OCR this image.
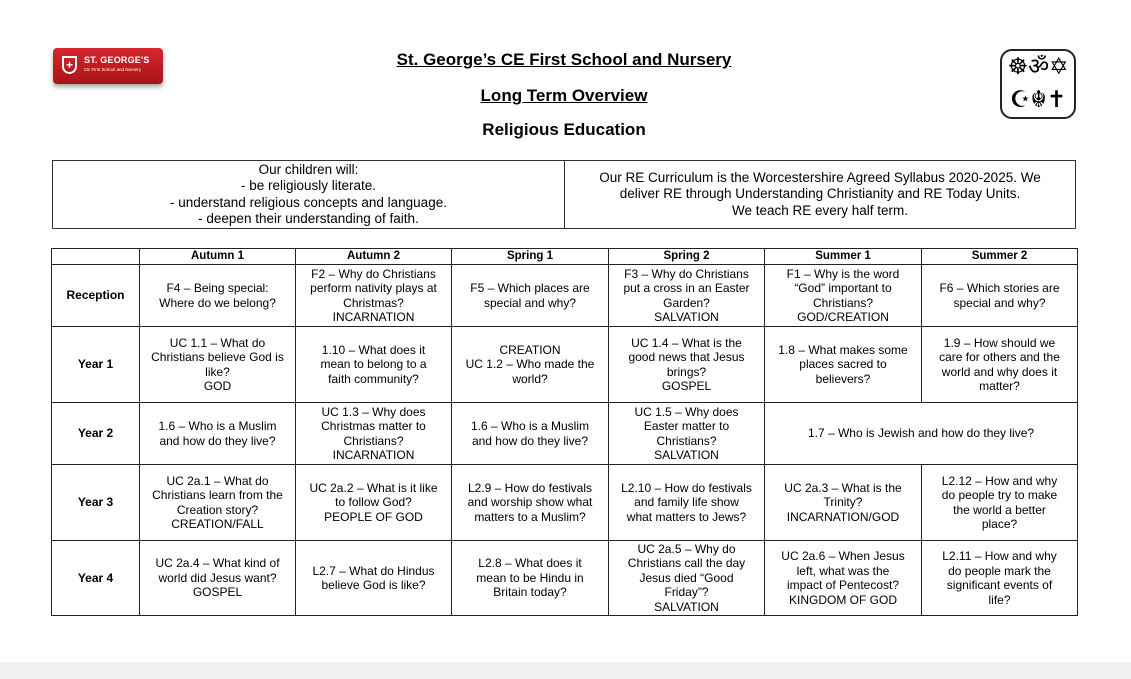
+	ST. GEORGE'S
CE First School and Nursery
St. George’s CE First School and Nursery
Long Term Overview
Religious Education
☸ॐ✡
☪☬✝
Our children will:
- be religiously literate.
- understand religious concepts and language.
- deepen their understanding of faith.
Our RE Curriculum is the Worcestershire Agreed Syllabus 2020-2025. We
deliver RE through Understanding Christianity and RE Today Units.
We teach RE every half term.
	Autumn 1	Autumn 2	Spring 1	Spring 2	Summer 1	Summer 2
Reception	F4 – Being special:
Where do we belong?	F2 – Why do Christians
perform nativity plays at
Christmas?
INCARNATION	F5 – Which places are
special and why?	F3 – Why do Christians
put a cross in an Easter
Garden?
SALVATION	F1 – Why is the word
“God” important to
Christians?
GOD/CREATION	F6 – Which stories are
special and why?

Year 1	UC 1.1 – What do
Christians believe God is
like?
GOD	1.10 – What does it
mean to belong to a
faith community?	CREATION
UC 1.2 – Who made the
world?	UC 1.4 – What is the
good news that Jesus
brings?
GOSPEL	1.8 – What makes some
places sacred to
believers?	1.9 – How should we
care for others and the
world and why does it
matter?

Year 2	1.6 – Who is a Muslim
and how do they live?	UC 1.3 – Why does
Christmas matter to
Christians?
INCARNATION	1.6 – Who is a Muslim
and how do they live?	UC 1.5 – Why does
Easter matter to
Christians?
SALVATION	1.7 – Who is Jewish and how do they live?	

Year 3	UC 2a.1 – What do
Christians learn from the
Creation story?
CREATION/FALL	UC 2a.2 – What is it like
to follow God?
PEOPLE OF GOD	L2.9 – How do festivals
and worship show what
matters to a Muslim?	L2.10 – How do festivals
and family life show
what matters to Jews?	UC 2a.3 – What is the
Trinity?
INCARNATION/GOD	L2.12 – How and why
do people try to make
the world a better
place?

Year 4	UC 2a.4 – What kind of
world did Jesus want?
GOSPEL	L2.7 – What do Hindus
believe God is like?	L2.8 – What does it
mean to be Hindu in
Britain today?	UC 2a.5 – Why do
Christians call the day
Jesus died “Good
Friday”?
SALVATION	UC 2a.6 – When Jesus
left, what was the
impact of Pentecost?
KINGDOM OF GOD	L2.11 – How and why
do people mark the
significant events of
life?
